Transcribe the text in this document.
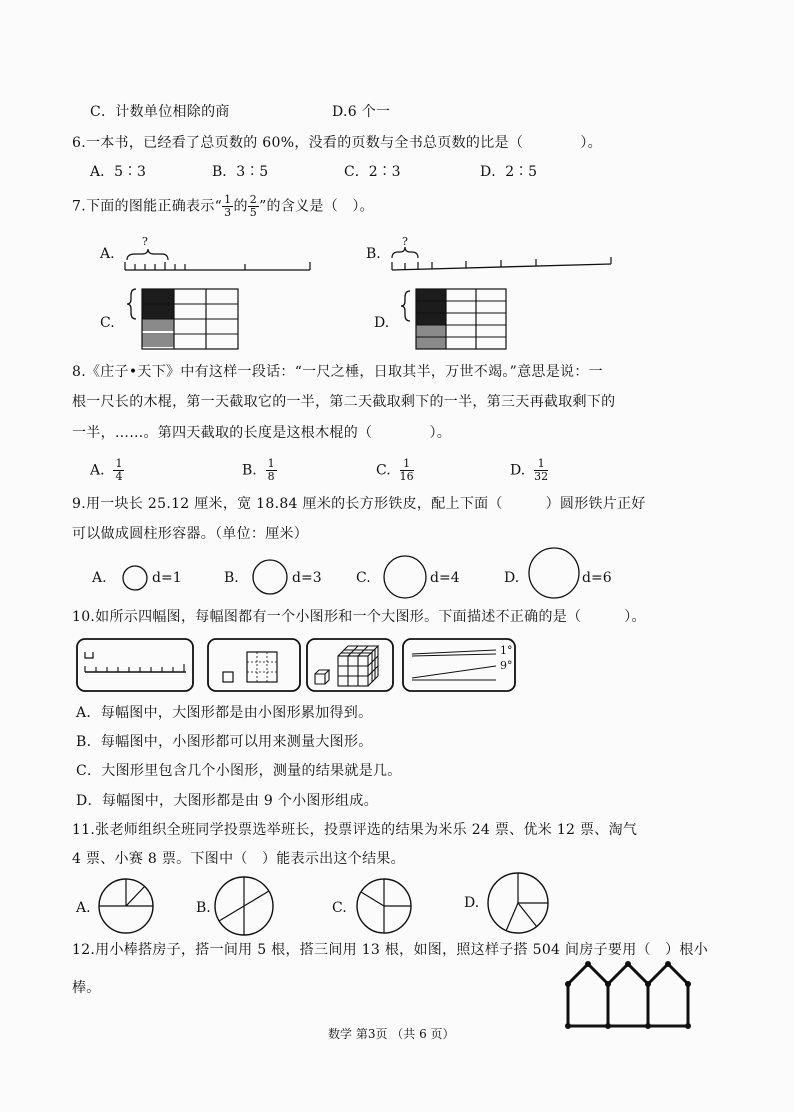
C．计数单位相除的商	D.6 个一
6.一本书，已经看了总页数的 60%，没看的页数与全书总页数的比是（　　　　）。
A．5∶3	B．3∶5	C．2∶3	D．2∶5
7.下面的图能正确表示“ $\frac{1}{3}$ 的 $\frac{2}{5}$ ”的含义是（　）。
A.
?
B.
?
C.	D.
8.《庄子•天下》中有这样一段话：“一尺之棰，日取其半，万世不竭。”意思是说：一
根一尺长的木棍，第一天截取它的一半，第二天截取剩下的一半，第三天再截取剩下的
一半，……。第四天截取的长度是这根木棍的（　　　　）。
A. $\frac{1}{4}$	B. $\frac{1}{8}$	C. $\frac{1}{16}$	D. $\frac{1}{32}$
9.用一块长 25.12 厘米，宽 18.84 厘米的长方形铁皮，配上下面（　　　）圆形铁片正好
可以做成圆柱形容器。（单位：厘米）
A.	d=1	B.	d=3 C.	d=4	D.	d=6
10.如所示四幅图，每幅图都有一个小图形和一个大图形。下面描述不正确的是（　　　）。
1°
9°
A．每幅图中，大图形都是由小图形累加得到。
B．每幅图中，小图形都可以用来测量大图形。
C．大图形里包含几个小图形，测量的结果就是几。
D．每幅图中，大图形都是由 9 个小图形组成。
11.张老师组织全班同学投票选举班长，投票评选的结果为米乐 24 票、优米 12 票、淘气
4 票、小赛 8 票。下图中（　）能表示出这个结果。
A.	B.	C.	D.
12.用小棒搭房子，搭一间用 5 根，搭三间用 13 根，如图，照这样子搭 504 间房子要用（　）根小
棒。
数学 第3页 （共 6 页）
